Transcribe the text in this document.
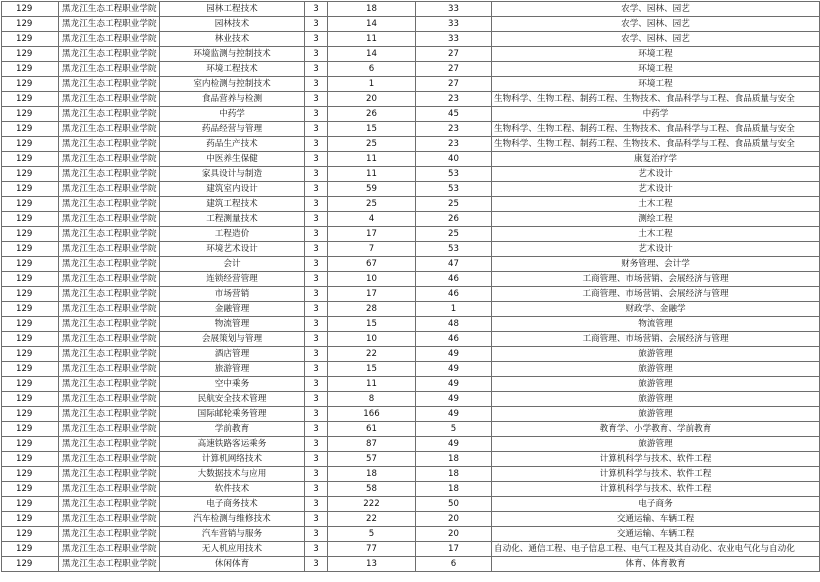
129	黑龙江生态工程职业学院	园林工程技术	3	18	33	农学、园林、园艺
129	黑龙江生态工程职业学院	园林技术	3	14	33	农学、园林、园艺
129	黑龙江生态工程职业学院	林业技术	3	11	33	农学、园林、园艺
129	黑龙江生态工程职业学院	环境监测与控制技术	3	14	27	环境工程
129	黑龙江生态工程职业学院	环境工程技术	3	6	27	环境工程
129	黑龙江生态工程职业学院	室内检测与控制技术	3	1	27	环境工程
129	黑龙江生态工程职业学院	食品营养与检测	3	20	23	生物科学、生物工程、制药工程、生物技术、食品科学与工程、食品质量与安全
129	黑龙江生态工程职业学院	中药学	3	26	45	中药学
129	黑龙江生态工程职业学院	药品经营与管理	3	15	23	生物科学、生物工程、制药工程、生物技术、食品科学与工程、食品质量与安全
129	黑龙江生态工程职业学院	药品生产技术	3	25	23	生物科学、生物工程、制药工程、生物技术、食品科学与工程、食品质量与安全
129	黑龙江生态工程职业学院	中医养生保健	3	11	40	康复治疗学
129	黑龙江生态工程职业学院	家具设计与制造	3	11	53	艺术设计
129	黑龙江生态工程职业学院	建筑室内设计	3	59	53	艺术设计
129	黑龙江生态工程职业学院	建筑工程技术	3	25	25	土木工程
129	黑龙江生态工程职业学院	工程测量技术	3	4	26	测绘工程
129	黑龙江生态工程职业学院	工程造价	3	17	25	土木工程
129	黑龙江生态工程职业学院	环境艺术设计	3	7	53	艺术设计
129	黑龙江生态工程职业学院	会计	3	67	47	财务管理、会计学
129	黑龙江生态工程职业学院	连锁经营管理	3	10	46	工商管理、市场营销、会展经济与管理
129	黑龙江生态工程职业学院	市场营销	3	17	46	工商管理、市场营销、会展经济与管理
129	黑龙江生态工程职业学院	金融管理	3	28	1	财政学、金融学
129	黑龙江生态工程职业学院	物流管理	3	15	48	物流管理
129	黑龙江生态工程职业学院	会展策划与管理	3	10	46	工商管理、市场营销、会展经济与管理
129	黑龙江生态工程职业学院	酒店管理	3	22	49	旅游管理
129	黑龙江生态工程职业学院	旅游管理	3	15	49	旅游管理
129	黑龙江生态工程职业学院	空中乘务	3	11	49	旅游管理
129	黑龙江生态工程职业学院	民航安全技术管理	3	8	49	旅游管理
129	黑龙江生态工程职业学院	国际邮轮乘务管理	3	166	49	旅游管理
129	黑龙江生态工程职业学院	学前教育	3	61	5	教育学、小学教育、学前教育
129	黑龙江生态工程职业学院	高速铁路客运乘务	3	87	49	旅游管理
129	黑龙江生态工程职业学院	计算机网络技术	3	57	18	计算机科学与技术、软件工程
129	黑龙江生态工程职业学院	大数据技术与应用	3	18	18	计算机科学与技术、软件工程
129	黑龙江生态工程职业学院	软件技术	3	58	18	计算机科学与技术、软件工程
129	黑龙江生态工程职业学院	电子商务技术	3	222	50	电子商务
129	黑龙江生态工程职业学院	汽车检测与维修技术	3	22	20	交通运输、车辆工程
129	黑龙江生态工程职业学院	汽车营销与服务	3	5	20	交通运输、车辆工程
129	黑龙江生态工程职业学院	无人机应用技术	3	77	17	自动化、通信工程、电子信息工程、电气工程及其自动化、农业电气化与自动化
129	黑龙江生态工程职业学院	休闲体育	3	13	6	体育、体育教育
